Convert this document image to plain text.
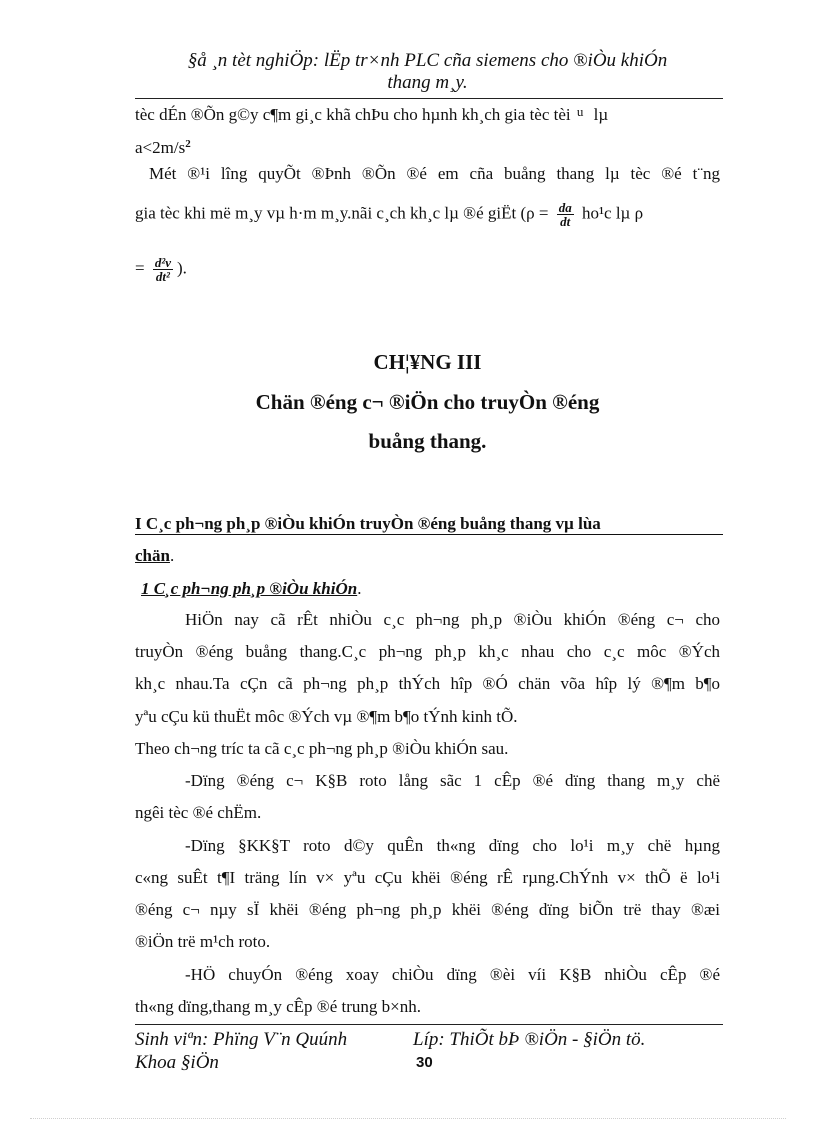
§å ¸n tèt nghiÖp: lËp tr×nh PLC cña siemens cho ®iÒu khiÓn
thang m¸y.
tèc dÉn ®Õn g©y c¶m gi¸c khã chÞu cho hµnh kh¸ch gia tèc tèi $^u$ lµ
$a<2m/s^2$
Mét ®¹i lîng quyÕt ®Þnh ®Õn ®é em cña buång thang lµ tèc ®é t¨ng
gia tèc khi më m¸y vµ h·m m¸y.nãi c¸ch kh¸c lµ ®é giËt ($\rho = \frac{da}{dt} ho^1c$ lµ ρ
= $\frac{\text{d²v}}{\text{dt²}}$ ).
CH¦¥NG III
Chän ®éng c¬ ®iÖn cho truyÒn ®éng
buång thang.
I C¸c ph¬ng ph¸p ®iÒu khiÓn truyÒn ®éng buång thang vµ lùa
chän.
1 C¸c ph¬ng ph¸p ®iÒu khiÓn.
HiÖn nay cã rÊt nhiÒu c¸c ph¬ng ph¸p ®iÒu khiÓn ®éng c¬ cho
truyÒn ®éng buång thang.C¸c ph¬ng ph¸p kh¸c nhau cho c¸c môc ®Ých
kh¸c nhau.Ta cÇn cã ph¬ng ph¸p thÝch hîp ®Ó chän võa hîp lý ®¶m b¶o
yªu cÇu kü thuËt môc ®Ých vµ ®¶m b¶o tÝnh kinh tÕ.
Theo ch¬ng tríc ta cã c¸c ph¬ng ph¸p ®iÒu khiÓn sau.
-Dïng ®éng c¬ K§B roto lång sãc 1 cÊp ®é dïng thang m¸y chë
ngêi tèc ®é chËm.
-Dïng §KK§T roto d©y quÊn th«ng dïng cho lo¹i m¸y chë hµng
c«ng suÊt t¶I träng lín v× yªu cÇu khëi ®éng rÊ rµng.ChÝnh v× thÕ ë lo¹i
®éng c¬ nµy sÏ khëi ®éng ph¬ng ph¸p khëi ®éng dïng biÕn trë thay ®æi
®iÖn trë m¹ch roto.
-HÖ chuyÓn ®éng xoay chiÒu dïng ®èi víi K§B nhiÒu cÊp ®é
th«ng dïng,thang m¸y cÊp ®é trung b×nh.
Sinh viªn: Phïng V¨n Quúnh	Líp: ThiÕt bÞ ®iÖn - §iÖn tö.
Khoa §iÖn	30
